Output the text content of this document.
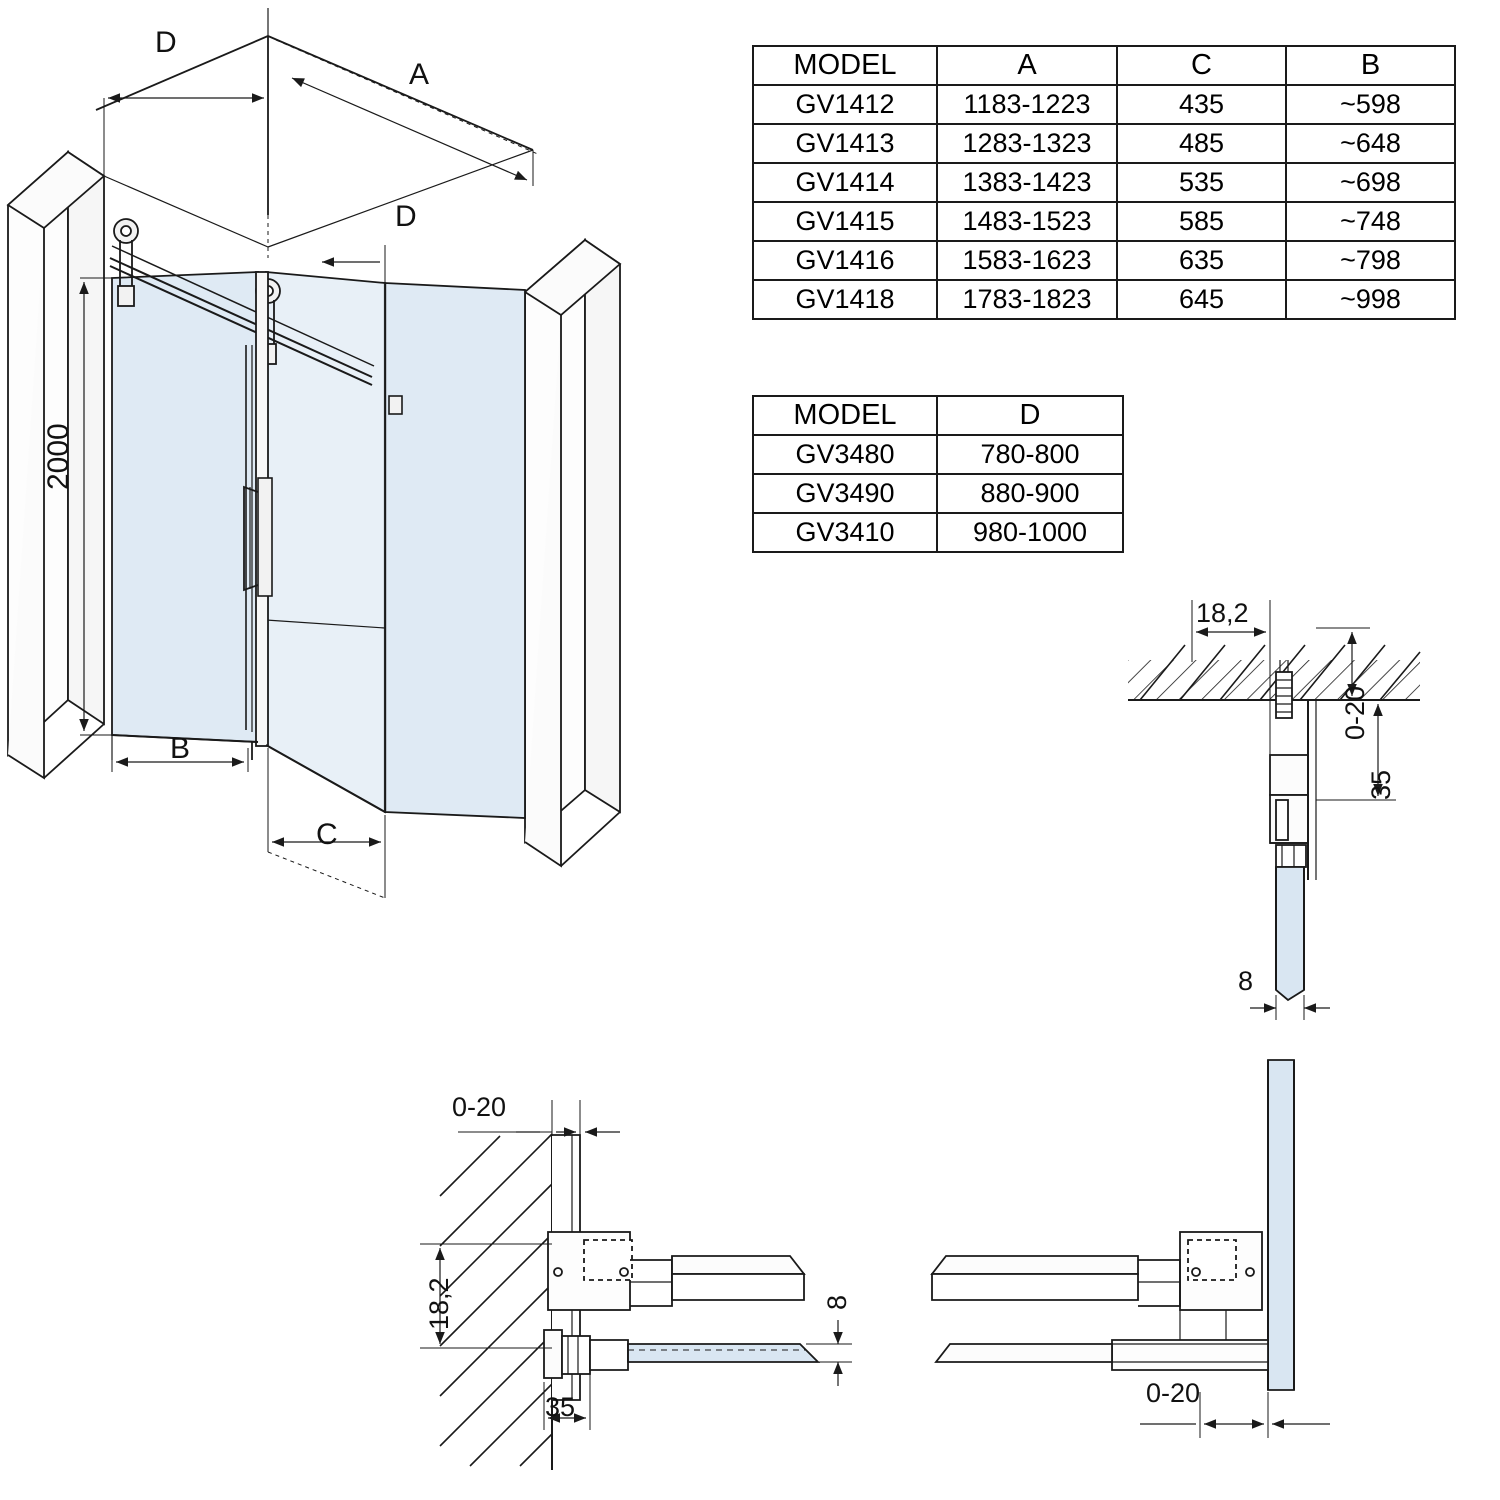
MODEL	A	C	B
GV1412	1183-1223	435	~598
GV1413	1283-1323	485	~648
GV1414	1383-1423	535	~698
GV1415	1483-1523	585	~748
GV1416	1583-1623	635	~798
GV1418	1783-1823	645	~998
MODEL	D
GV3480	780-800
GV3490	880-900
GV3410	980-1000
D
A
D
2000
B
C
18,2
0-20
35
8
0-20
18,2	8
35	0-20
